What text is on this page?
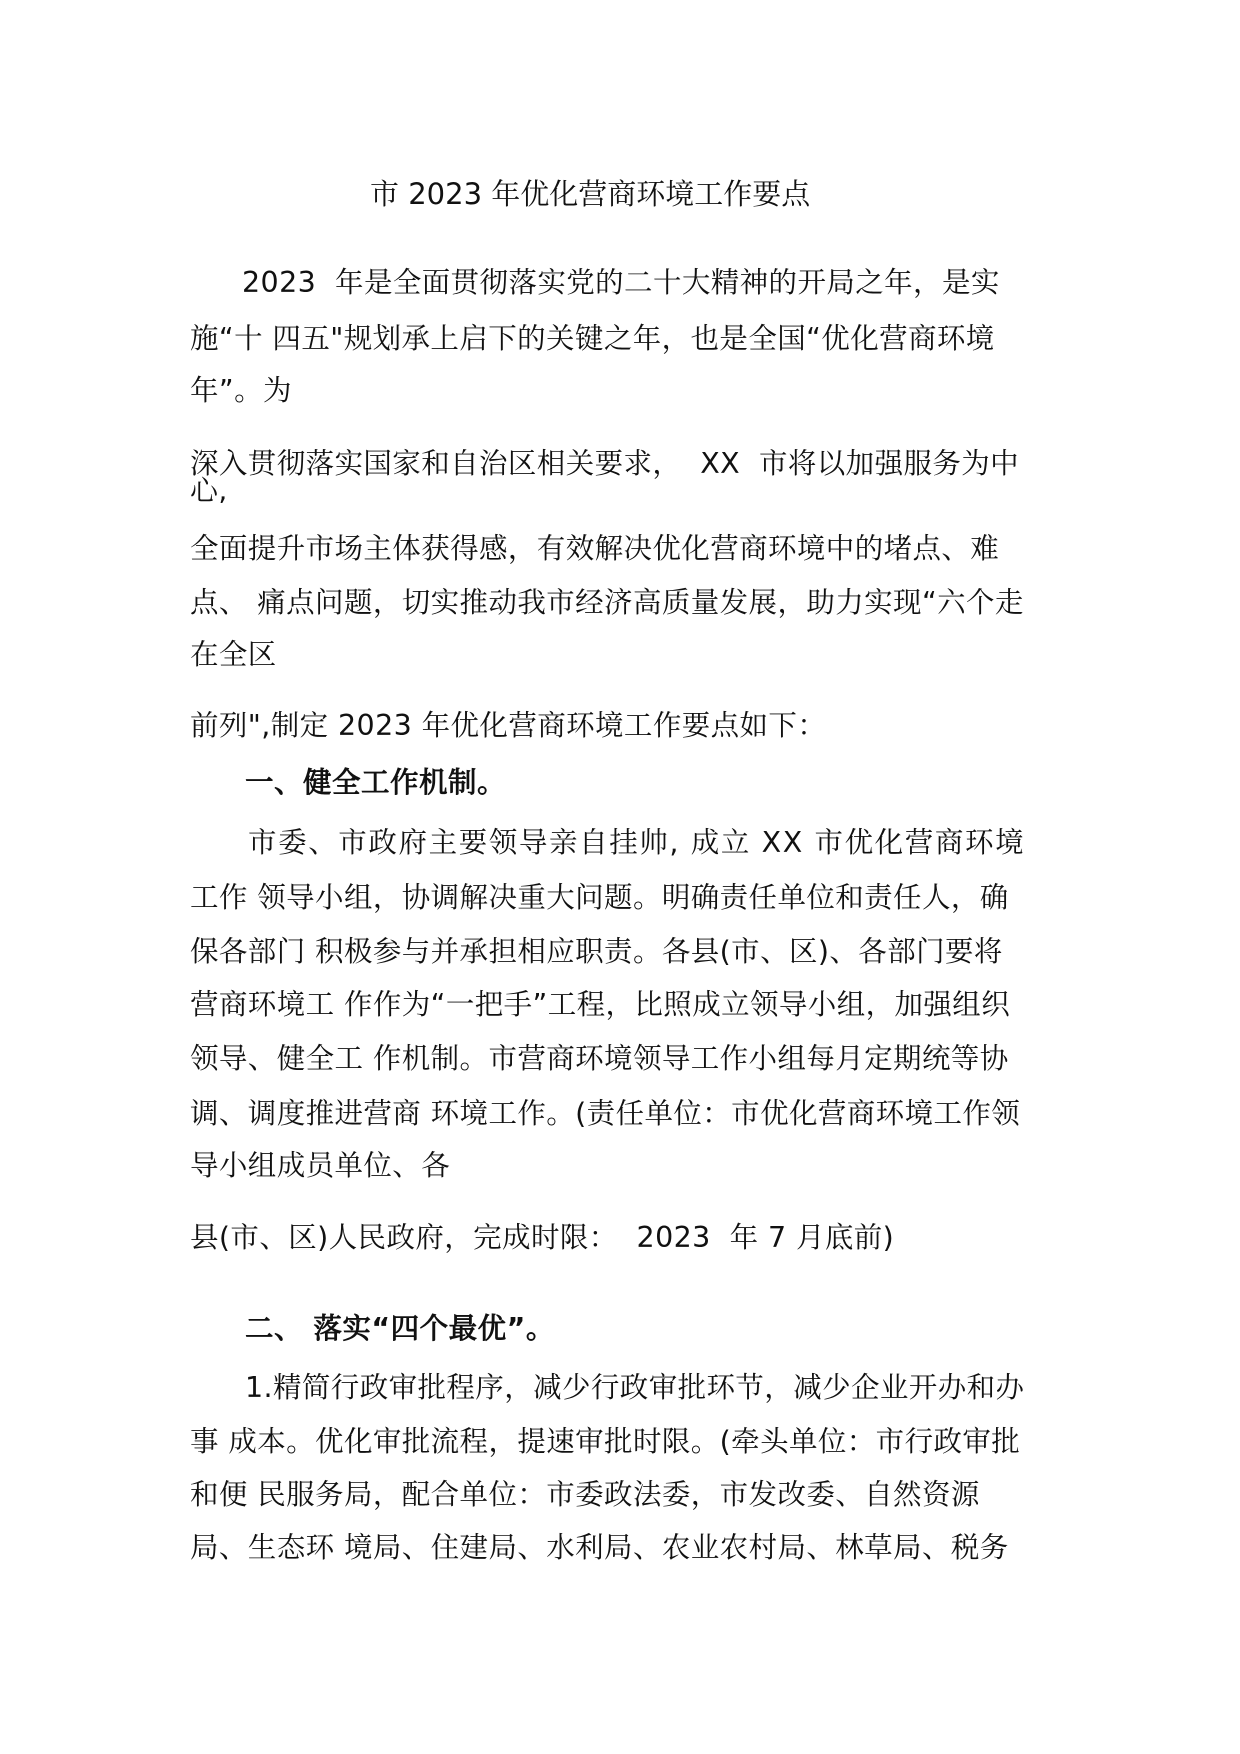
市 2023 年优化营商环境工作要点
2023  年是全面贯彻落实党的二十大精神的开局之年，是实
施“十 四五"规划承上启下的关键之年，也是全国“优化营商环境
年”。为
深入贯彻落实国家和自治区相关要求，  XX  市将以加强服务为中
心,
全面提升市场主体获得感，有效解决优化营商环境中的堵点、难
点、 痛点问题，切实推动我市经济高质量发展，助力实现“六个走
在全区
前列",制定 2023 年优化营商环境工作要点如下：
一、健全工作机制。
市委、市政府主要领导亲自挂帅, 成立 XX 市优化营商环境
工作 领导小组，协调解决重大问题。明确责任单位和责任人，确
保各部门 积极参与并承担相应职责。各县(市、区)、各部门要将
营商环境工 作作为“一把手”工程，比照成立领导小组，加强组织
领导、健全工 作机制。市营商环境领导工作小组每月定期统等协
调、调度推进营商 环境工作。(责任单位：市优化营商环境工作领
导小组成员单位、各
县(市、区)人民政府，完成时限：  2023  年 7 月底前)
二、 落实“四个最优”。
1.精简行政审批程序，减少行政审批环节，减少企业开办和办
事 成本。优化审批流程，提速审批时限。(牵头单位：市行政审批
和便 民服务局，配合单位：市委政法委，市发改委、自然资源
局、生态环 境局、住建局、水利局、农业农村局、林草局、税务
